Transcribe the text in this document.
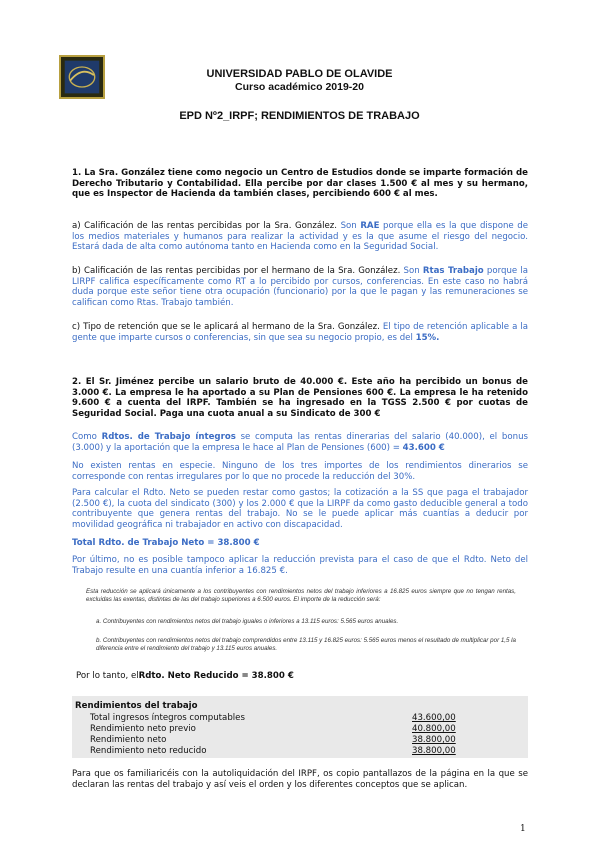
UNIVERSIDAD PABLO DE OLAVIDE
Curso académico 2019-20
EPD Nº2_IRPF; RENDIMIENTOS DE TRABAJO

1. La Sra. González tiene como negocio un Centro de Estudios donde se imparte formación de Derecho Tributario y Contabilidad. Ella percibe por dar clases 1.500 € al mes y su hermano, que es Inspector de Hacienda da también clases, percibiendo 600 € al mes.

a) Calificación de las rentas percibidas por la Sra. González. Son RAE porque ella es la que dispone de los medios materiales y humanos para realizar la actividad y es la que asume el riesgo del negocio. Estará dada de alta como autónoma tanto en Hacienda como en la Seguridad Social.

b) Calificación de las rentas percibidas por el hermano de la Sra. González. Son Rtas Trabajo porque la LIRPF califica específicamente como RT a lo percibido por cursos, conferencias. En este caso no habrá duda porque este señor tiene otra ocupación (funcionario) por la que le pagan y las remuneraciones se califican como Rtas. Trabajo también.

c) Tipo de retención que se le aplicará al hermano de la Sra. González. El tipo de retención aplicable a la gente que imparte cursos o conferencias, sin que sea su negocio propio, es del 15%.

2. El Sr. Jiménez percibe un salario bruto de 40.000 €. Este año ha percibido un bonus de 3.000 €. La empresa le ha aportado a su Plan de Pensiones 600 €. La empresa le ha retenido 9.600 € a cuenta del IRPF. También se ha ingresado en la TGSS 2.500 € por cuotas de Seguridad Social. Paga una cuota anual a su Sindicato de 300 €

Como Rdtos. de Trabajo íntegros se computa las rentas dinerarias del salario (40.000), el bonus (3.000) y la aportación que la empresa le hace al Plan de Pensiones (600) = 43.600 €

No existen rentas en especie. Ninguno de los tres importes de los rendimientos dinerarios se corresponde con rentas irregulares por lo que no procede la reducción del 30%.

Para calcular el Rdto. Neto se pueden restar como gastos; la cotización a la SS que paga el trabajador (2.500 €), la cuota del sindicato (300) y los 2.000 € que la LIRPF da como gasto deducible general a todo contribuyente que genera rentas del trabajo. No se le puede aplicar más cuantías a deducir por movilidad geográfica ni trabajador en activo con discapacidad.

Total Rdto. de Trabajo Neto = 38.800 €

Por último, no es posible tampoco aplicar la reducción prevista para el caso de que el Rdto. Neto del Trabajo resulte en una cuantía inferior a 16.825 €.

Esta reducción se aplicará únicamente a los contribuyentes con rendimientos netos del trabajo inferiores a 16.825 euros siempre que no tengan rentas, excluidas las exentas, distintas de las del trabajo superiores a 6.500 euros. El importe de la reducción será:

a. Contribuyentes con rendimientos netos del trabajo iguales o inferiores a 13.115 euros: 5.565 euros anuales.

b. Contribuyentes con rendimientos netos del trabajo comprendidos entre 13.115 y 16.825 euros: 5.565 euros menos el resultado de multiplicar por 1,5 la diferencia entre el rendimiento del trabajo y 13.115 euros anuales.

Por lo tanto, elRdto. Neto Reducido = 38.800 €

Rendimientos del trabajo
Total ingresos íntegros computables	43.600,00
Rendimiento neto previo	40.800,00
Rendimiento neto	38.800,00
Rendimiento neto reducido	38.800,00

Para que os familiaricéis con la autoliquidación del IRPF, os copio pantallazos de la página en la que se declaran las rentas del trabajo y así veis el orden y los diferentes conceptos que se aplican.

1
